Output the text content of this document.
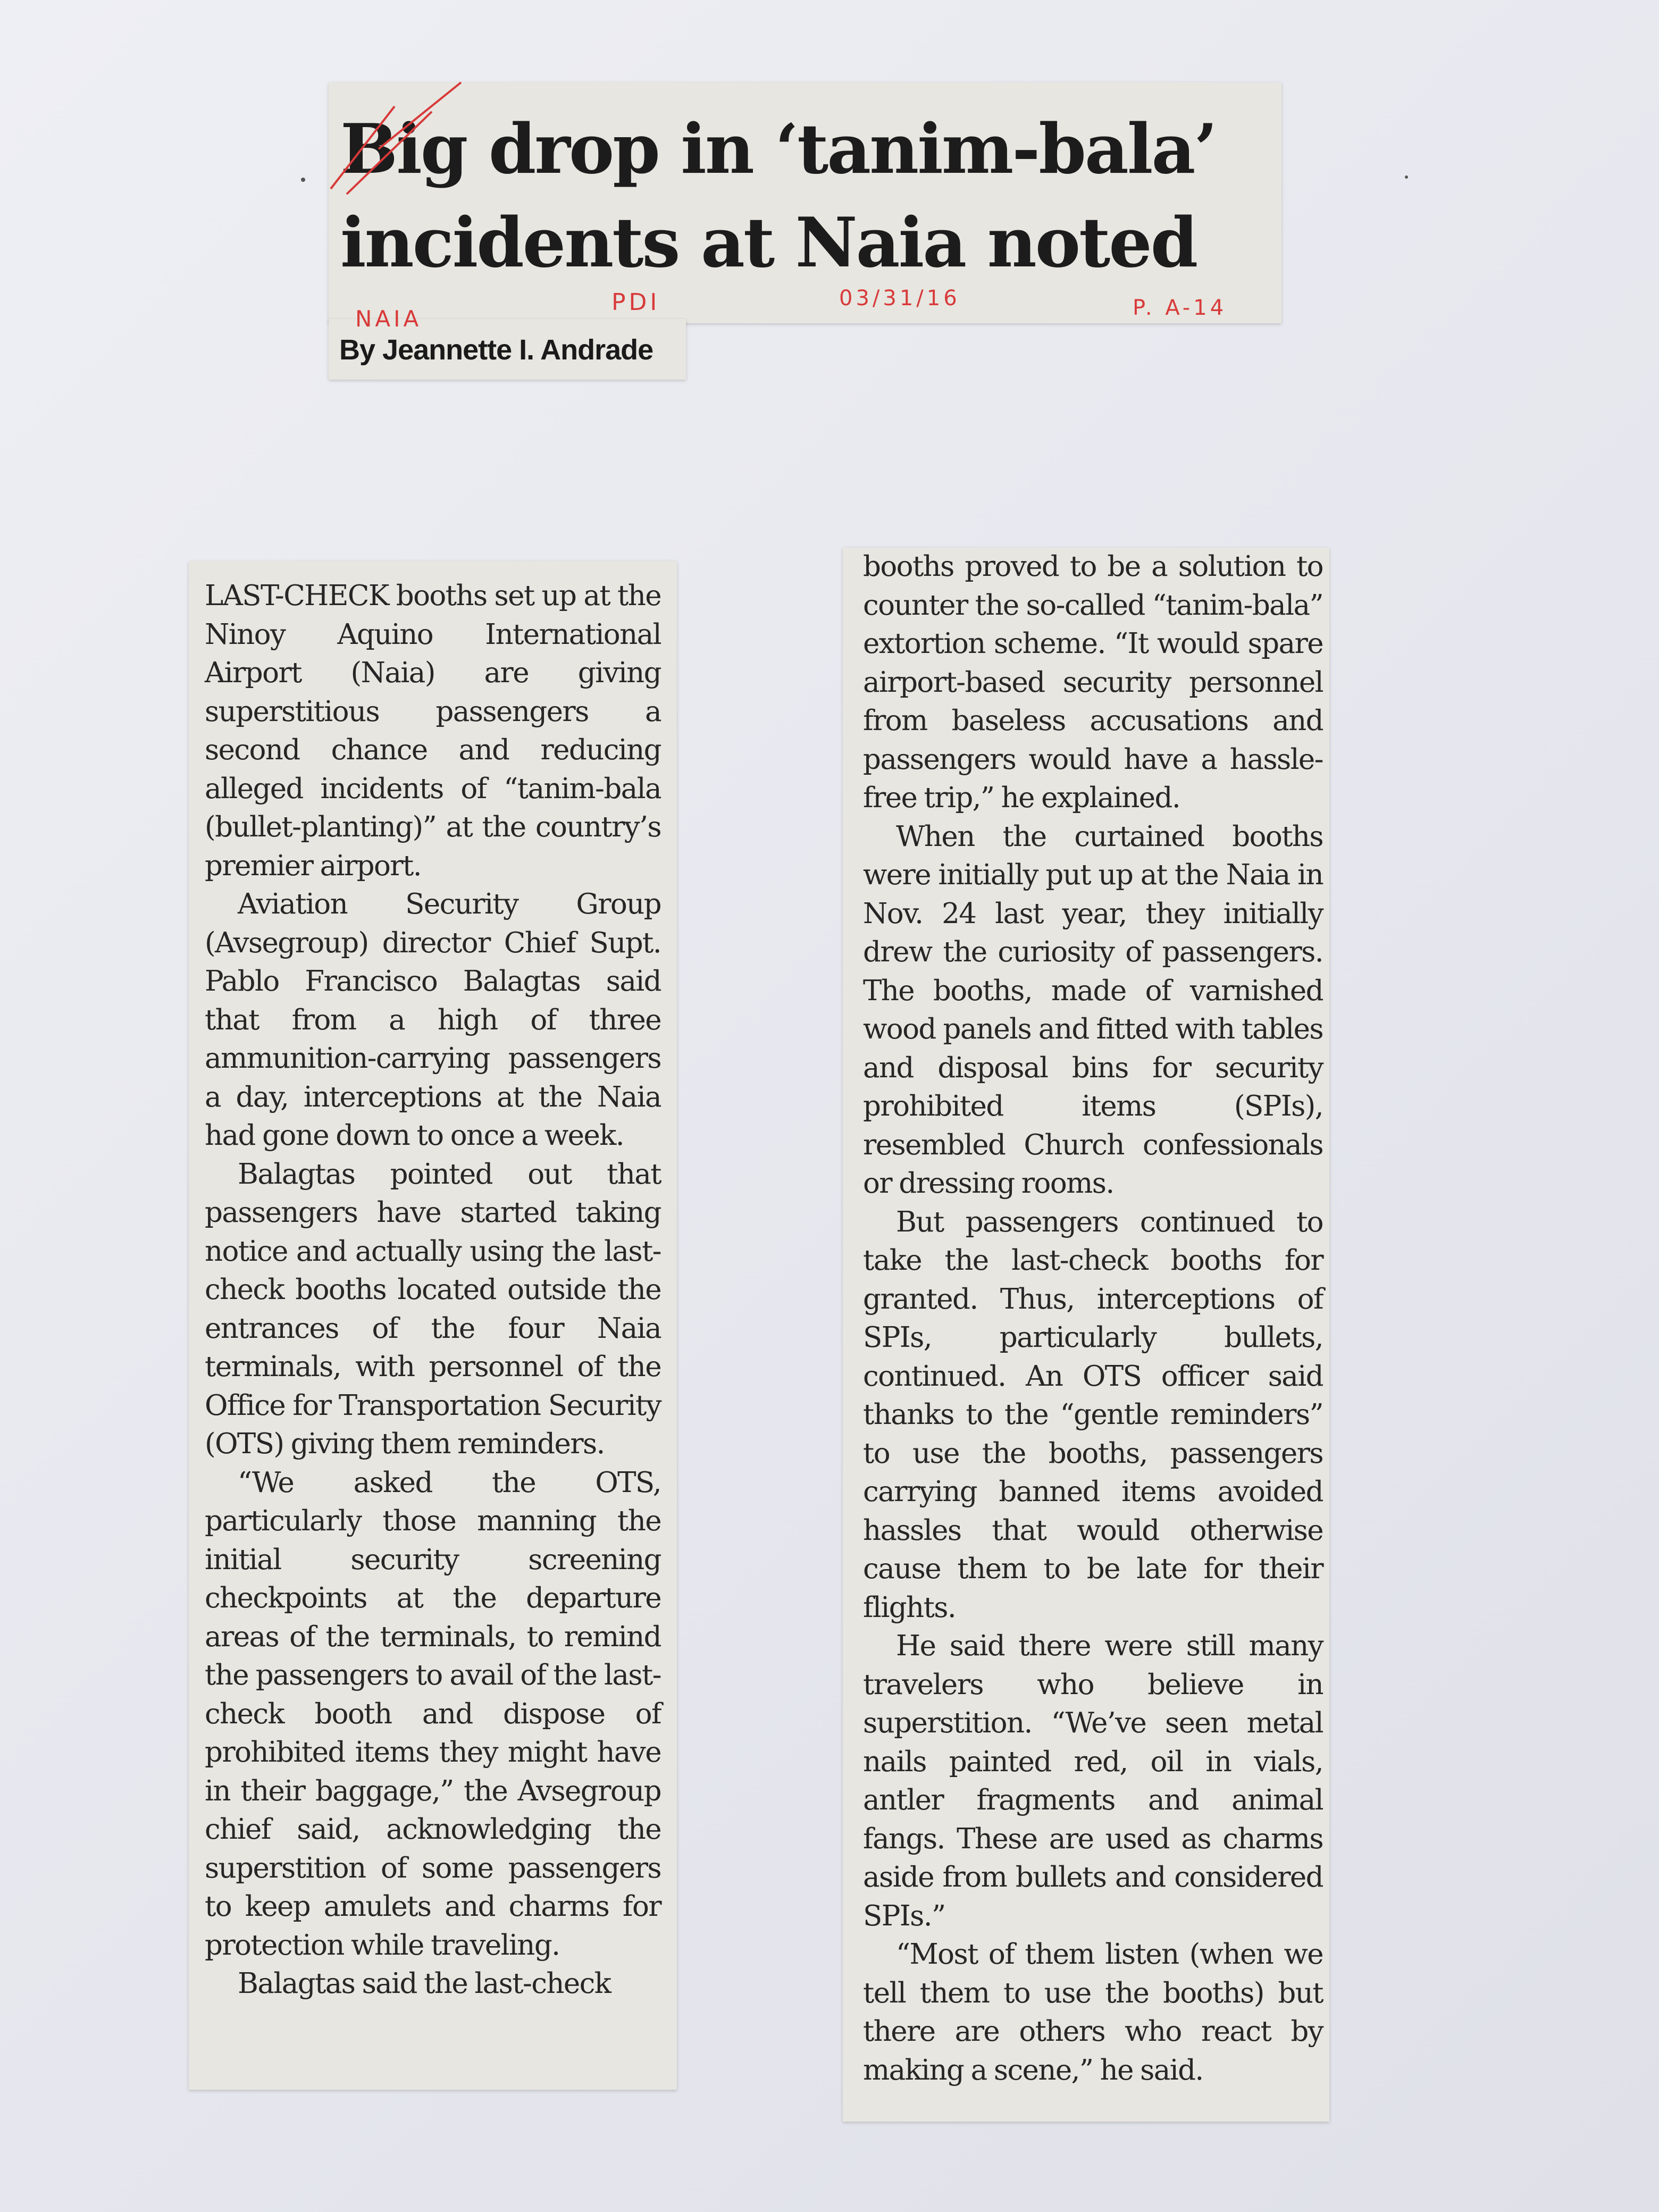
Big drop in ‘tanim-bala’
incidents at Naia noted

By Jeannette I. Andrade

NAIA
PDI	03/31/16	P. A-14

LAST-CHECK booths set up at the Ninoy Aquino International Airport (Naia) are giving superstitious passengers a second chance and reducing alleged incidents of “tanim-bala (bullet-planting)” at the country’s premier airport.

Aviation Security Group (Avsegroup) director Chief Supt. Pablo Francisco Balagtas said that from a high of three ammunition-carrying passengers a day, interceptions at the Naia had gone down to once a week.

Balagtas pointed out that passengers have started taking notice and actually using the last-check booths located outside the entrances of the four Naia terminals, with personnel of the Office for Transportation Security (OTS) giving them reminders.

“We asked the OTS, particularly those manning the initial security screening checkpoints at the departure areas of the terminals, to remind the passengers to avail of the last-check booth and dispose of prohibited items they might have in their baggage,” the Avsegroup chief said, acknowledging the superstition of some passengers to keep amulets and charms for protection while traveling.

Balagtas said the last-check

booths proved to be a solution to counter the so-called “tanim-bala” extortion scheme. “It would spare airport-based security personnel from baseless accusations and passengers would have a hassle-free trip,” he explained.

When the curtained booths were initially put up at the Naia in Nov. 24 last year, they initially drew the curiosity of passengers. The booths, made of varnished wood panels and fitted with tables and disposal bins for security prohibited items (SPIs), resembled Church confessionals or dressing rooms.

But passengers continued to take the last-check booths for granted. Thus, interceptions of SPIs, particularly bullets, continued. An OTS officer said thanks to the “gentle reminders” to use the booths, passengers carrying banned items avoided hassles that would otherwise cause them to be late for their flights.

He said there were still many travelers who believe in superstition. “We’ve seen metal nails painted red, oil in vials, antler fragments and animal fangs. These are used as charms aside from bullets and considered SPIs.”

“Most of them listen (when we tell them to use the booths) but there are others who react by making a scene,” he said.
